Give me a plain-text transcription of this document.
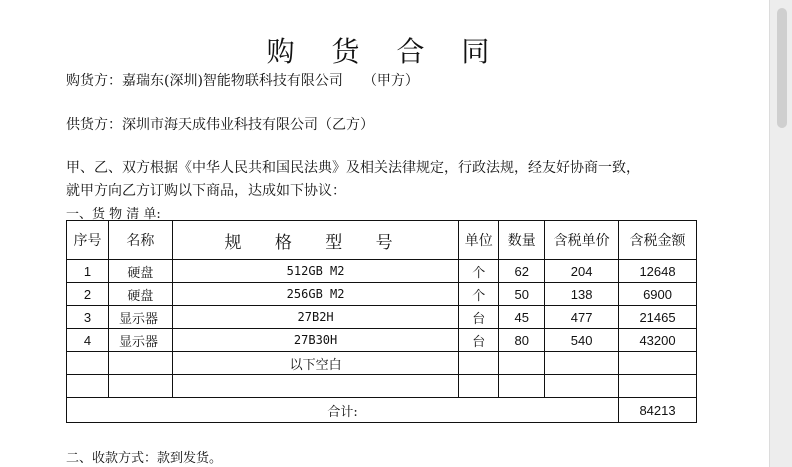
购 货 合 同
购货方：嘉瑞东(深圳)智能物联科技有限公司 （甲方）
供货方：深圳市海天成伟业科技有限公司（乙方）
甲、乙、双方根据《中华人民共和国民法典》及相关法律规定，行政法规，经友好协商一致，
就甲方向乙方订购以下商品，达成如下协议：
一、货 物 清 单:
序号	名称	规 格 型 号	单位	数量	含税单价	含税金额
1	硬盘	512GB M2	个	62	204	12648
2	硬盘	256GB M2	个	50	138	6900
3	显示器	27B2H	台	45	477	21465
4	显示器	27B30H	台	80	540	43200
		以下空白				

合计:						84213
二、收款方式：款到发货。
